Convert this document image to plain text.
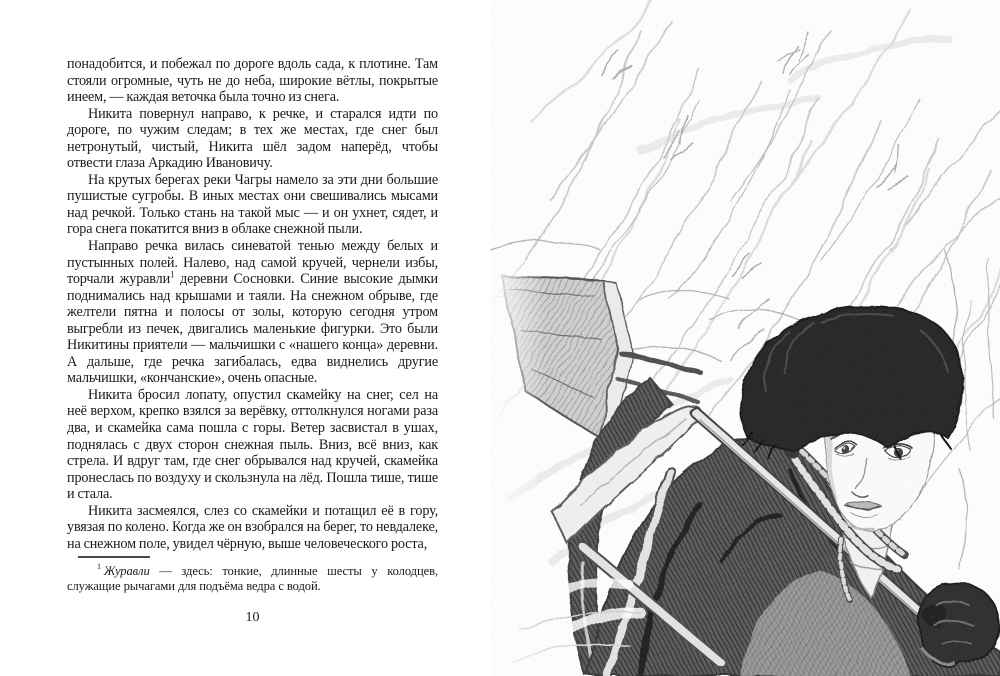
понадобится, и побежал по дороге вдоль сада, к плотине. Там стояли огромные, чуть не до неба, широкие вётлы, покрытые инеем, — каждая веточка была точно из снега.

Никита повернул направо, к речке, и старался идти по дороге, по чужим следам; в тех же местах, где снег был нетронутый, чистый, Никита шёл задом наперёд, чтобы отвести глаза Аркадию Ивановичу.

На крутых берегах реки Чагры намело за эти дни большие пушистые сугробы. В иных местах они свешивались мысами над речкой. Только стань на такой мыс — и он ухнет, сядет, и гора снега покатится вниз в облаке снежной пыли.

Направо речка вилась синеватой тенью между белых и пустынных полей. Налево, над самой кручей, чернели избы, торчали журавли$^1$ деревни Сосновки. Синие высокие дымки поднимались над крышами и таяли. На снежном обрыве, где желтели пятна и полосы от золы, которую сегодня утром выгребли из печек, двигались маленькие фигурки. Это были Никитины приятели — мальчишки с «нашего конца» деревни. А дальше, где речка загибалась, едва виднелись другие мальчишки, «кончанские», очень опасные.

Никита бросил лопату, опустил скамейку на снег, сел на неё верхом, крепко взялся за верёвку, оттолкнулся ногами раза два, и скамейка сама пошла с горы. Ветер засвистал в ушах, поднялась с двух сторон снежная пыль. Вниз, всё вниз, как стрела. И вдруг там, где снег обрывался над кручей, скамейка пронеслась по воздуху и скользнула на лёд. Пошла тише, тише и стала.

Никита засмеялся, слез со скамейки и потащил её в гору, увязая по колено. Когда же он взобрался на берег, то невдалеке, на снежном поле, увидел чёрную, выше человеческого роста,

$^1$ Журавли — здесь: тонкие, длинные шесты у колодцев, служащие рычагами для подъёма ведра с водой.

10
